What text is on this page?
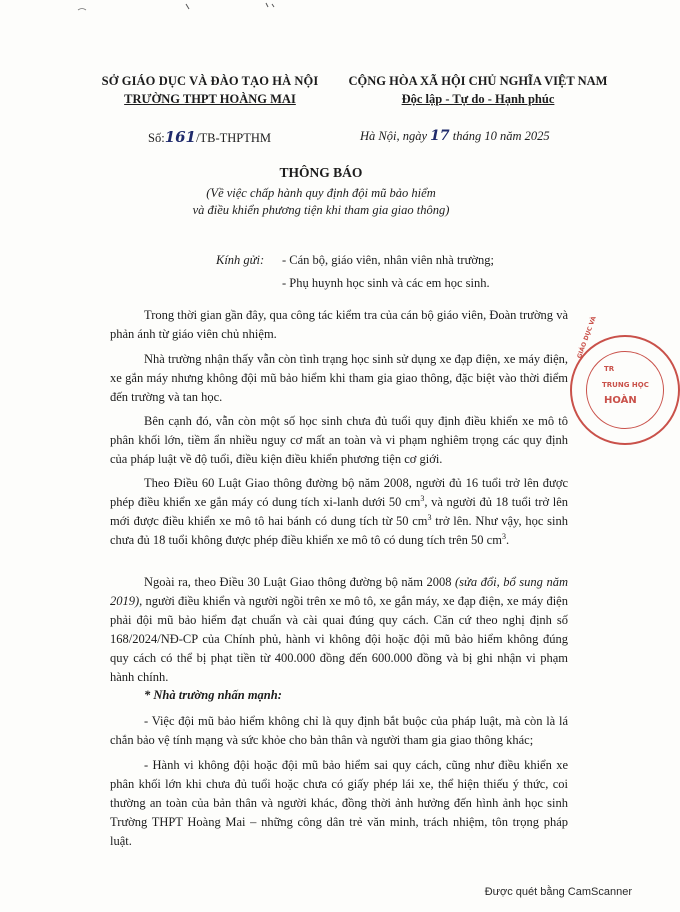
SỞ GIÁO DỤC VÀ ĐÀO TẠO HÀ NỘI
TRƯỜNG THPT HOÀNG MAI
CỘNG HÒA XÃ HỘI CHỦ NGHĨA VIỆT NAM
Độc lập - Tự do - Hạnh phúc
Số:161/TB-THPTHM	Hà Nội, ngày 17 tháng 10 năm 2025
THÔNG BÁO
(Về việc chấp hành quy định đội mũ bảo hiểm
và điều khiển phương tiện khi tham gia giao thông)
Kính gửi: - Cán bộ, giáo viên, nhân viên nhà trường;
- Phụ huynh học sinh và các em học sinh.

Trong thời gian gần đây, qua công tác kiểm tra của cán bộ giáo viên, Đoàn trường và phản ánh từ giáo viên chủ nhiệm.

Nhà trường nhận thấy vẫn còn tình trạng học sinh sử dụng xe đạp điện, xe máy điện, xe gắn máy nhưng không đội mũ bảo hiểm khi tham gia giao thông, đặc biệt vào thời điểm đến trường và tan học.

Bên cạnh đó, vẫn còn một số học sinh chưa đủ tuổi quy định điều khiển xe mô tô phân khối lớn, tiềm ẩn nhiều nguy cơ mất an toàn và vi phạm nghiêm trọng các quy định của pháp luật về độ tuổi, điều kiện điều khiển phương tiện cơ giới.

Theo Điều 60 Luật Giao thông đường bộ năm 2008, người đủ 16 tuổi trở lên được phép điều khiển xe gắn máy có dung tích xi-lanh dưới 50 $cm^3$, và người đủ 18 tuổi trở lên mới được điều khiển xe mô tô hai bánh có dung tích từ 50 $cm^3$ trở lên. Như vậy, học sinh chưa đủ 18 tuổi không được phép điều khiển xe mô tô có dung tích trên 50 $cm^3$.

Ngoài ra, theo Điều 30 Luật Giao thông đường bộ năm 2008 (sửa đổi, bổ sung năm 2019), người điều khiển và người ngồi trên xe mô tô, xe gắn máy, xe đạp điện, xe máy điện phải đội mũ bảo hiểm đạt chuẩn và cài quai đúng quy cách. Căn cứ theo nghị định số 168/2024/NĐ-CP của Chính phủ, hành vi không đội hoặc đội mũ bảo hiểm không đúng quy cách có thể bị phạt tiền từ 400.000 đồng đến 600.000 đồng và bị ghi nhận vi phạm hành chính.

* Nhà trường nhấn mạnh:

- Việc đội mũ bảo hiểm không chỉ là quy định bắt buộc của pháp luật, mà còn là lá chắn bảo vệ tính mạng và sức khỏe cho bản thân và người tham gia giao thông khác;

- Hành vi không đội hoặc đội mũ bảo hiểm sai quy cách, cũng như điều khiển xe phân khối lớn khi chưa đủ tuổi hoặc chưa có giấy phép lái xe, thể hiện thiếu ý thức, coi thường an toàn của bản thân và người khác, đồng thời ảnh hưởng đến hình ảnh học sinh Trường THPT Hoàng Mai – những công dân trẻ văn minh, trách nhiệm, tôn trọng pháp luật.

TR
TRUNG HỌC
HOÀN
GIÁO DỤC VÀ
Được quét bằng CamScanner
